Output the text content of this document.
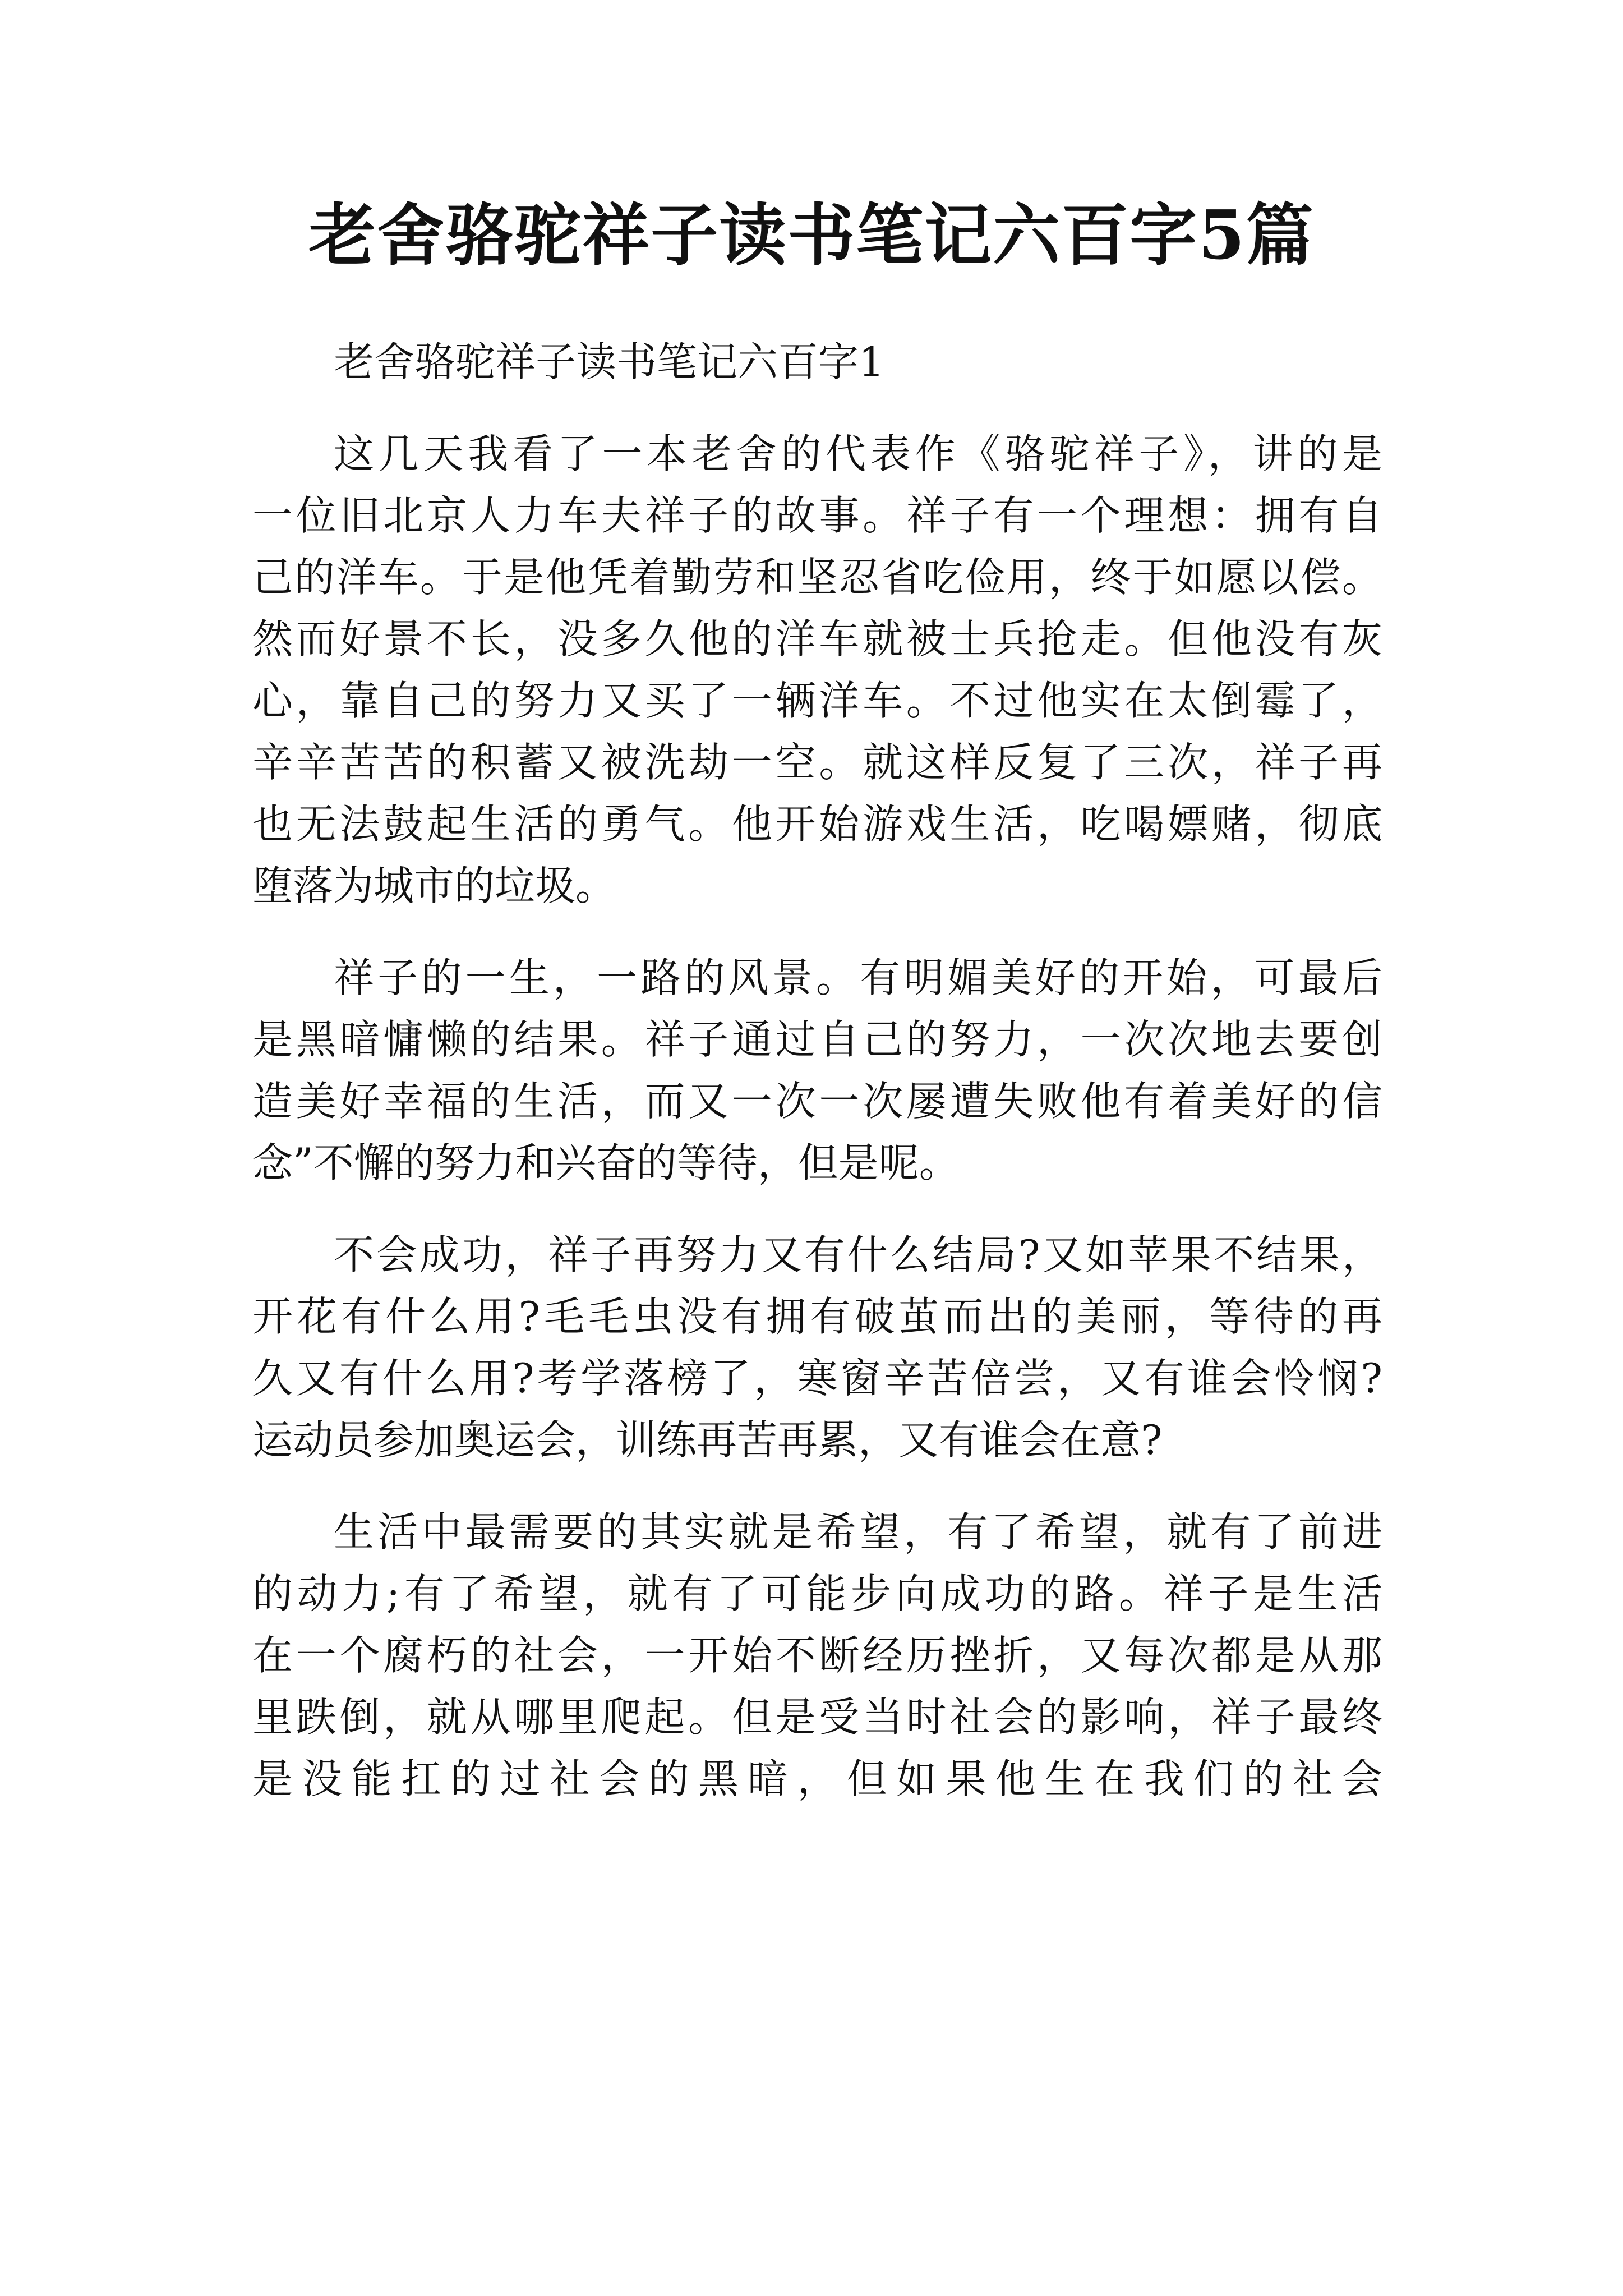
老舍骆驼祥子读书笔记六百字5篇

老舍骆驼祥子读书笔记六百字1

这几天我看了一本老舍的代表作《骆驼祥子》，讲的是
一位旧北京人力车夫祥子的故事。祥子有一个理想：拥有自
己的洋车。于是他凭着勤劳和坚忍省吃俭用，终于如愿以偿。
然而好景不长，没多久他的洋车就被士兵抢走。但他没有灰
心，靠自己的努力又买了一辆洋车。不过他实在太倒霉了，
辛辛苦苦的积蓄又被洗劫一空。就这样反复了三次，祥子再
也无法鼓起生活的勇气。他开始游戏生活，吃喝嫖赌，彻底
堕落为城市的垃圾。
祥子的一生，一路的风景。有明媚美好的开始，可最后
是黑暗慵懒的结果。祥子通过自己的努力，一次次地去要创
造美好幸福的生活，而又一次一次屡遭失败他有着美好的信
念”不懈的努力和兴奋的等待，但是呢。
不会成功，祥子再努力又有什么结局?又如苹果不结果，
开花有什么用?毛毛虫没有拥有破茧而出的美丽，等待的再
久又有什么用?考学落榜了，寒窗辛苦倍尝，又有谁会怜悯?
运动员参加奥运会，训练再苦再累，又有谁会在意?
生活中最需要的其实就是希望，有了希望，就有了前进
的动力;有了希望，就有了可能步向成功的路。祥子是生活
在一个腐朽的社会，一开始不断经历挫折，又每次都是从那
里跌倒，就从哪里爬起。但是受当时社会的影响，祥子最终
是没能扛的过社会的黑暗，但如果他生在我们的社会
